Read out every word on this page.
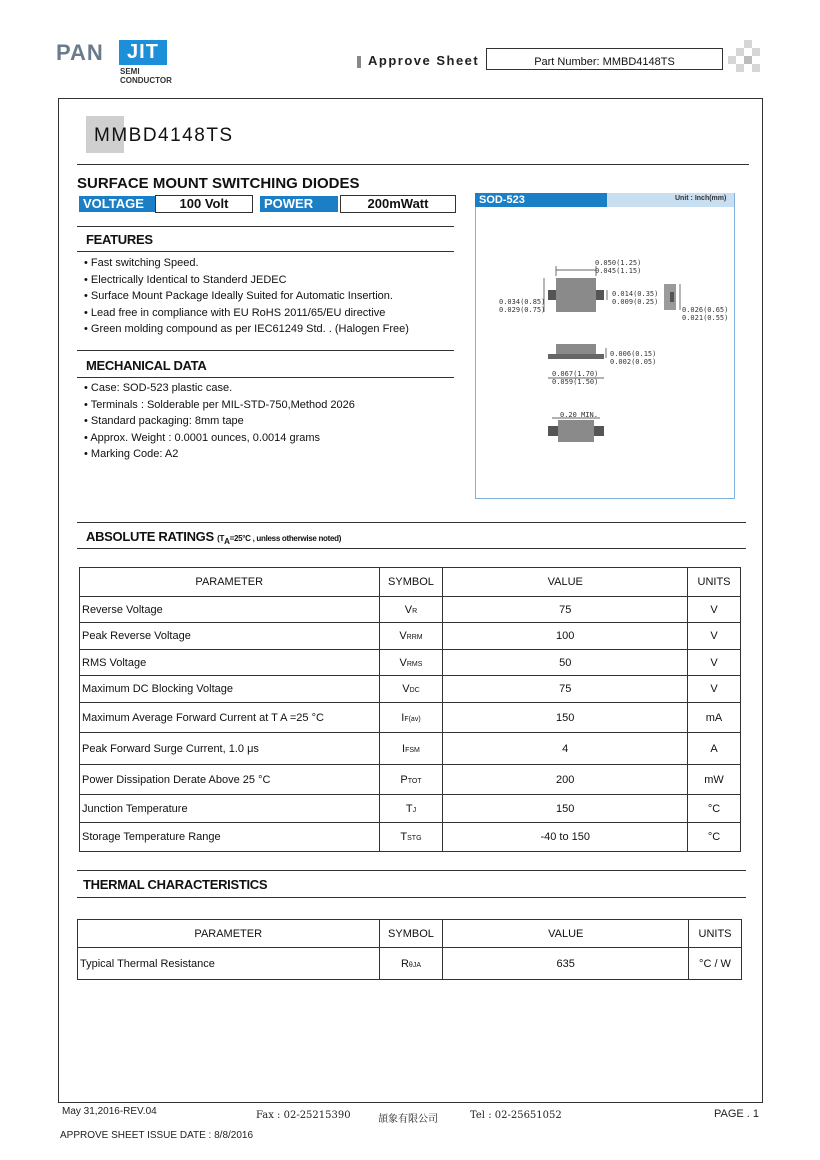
PAN	JIT
SEMI
CONDUCTOR
Approve Sheet	Part Number: MMBD4148TS
MMBD4148TS
SURFACE MOUNT SWITCHING DIODES
VOLTAGE	100 Volt	POWER	200mWatt
FEATURES
• Fast switching Speed.
• Electrically Identical to Standerd JEDEC
• Surface Mount Package Ideally Suited for Automatic Insertion.
• Lead free in compliance with EU RoHS 2011/65/EU directive
• Green molding compound as per IEC61249 Std. . (Halogen Free)
MECHANICAL DATA
• Case: SOD-523 plastic case.
• Terminals : Solderable per MIL-STD-750,Method 2026
• Standard packaging: 8mm tape
• Approx. Weight : 0.0001 ounces, 0.0014 grams
• Marking Code: A2
SOD-523	Unit : Inch(mm)
0.050(1.25)
0.045(1.15)
0.034(0.85)
0.029(0.75)
0.014(0.35)
0.009(0.25)
0.026(0.65)
0.021(0.55)
0.006(0.15)
0.002(0.05)
0.067(1.70)
0.059(1.50)
0.20 MIN.
ABSOLUTE RATINGS (TA=25°C , unless otherwise noted)
PARAMETER	SYMBOL	VALUE	UNITS
Reverse Voltage	VR	75	V
Peak Reverse Voltage	VRRM	100	V
RMS Voltage	VRMS	50	V
Maximum DC Blocking Voltage	VDC	75	V
Maximum Average Forward Current at T A =25 °C	IF(av)	150	mA
Peak Forward Surge Current, 1.0 μs	IFSM	4	A
Power Dissipation Derate Above 25 °C	PTOT	200	mW
Junction Temperature	TJ	150	°C
Storage Temperature Range	TSTG	-40 to 150	°C
THERMAL CHARACTERISTICS
PARAMETER	SYMBOL	VALUE	UNITS
Typical Thermal Resistance	RθJA	635	°C / W
May 31,2016-REV.04	Fax : 02-25215390	頡象有限公司	Tel : 02-25651052	PAGE . 1
APPROVE SHEET ISSUE DATE : 8/8/2016
